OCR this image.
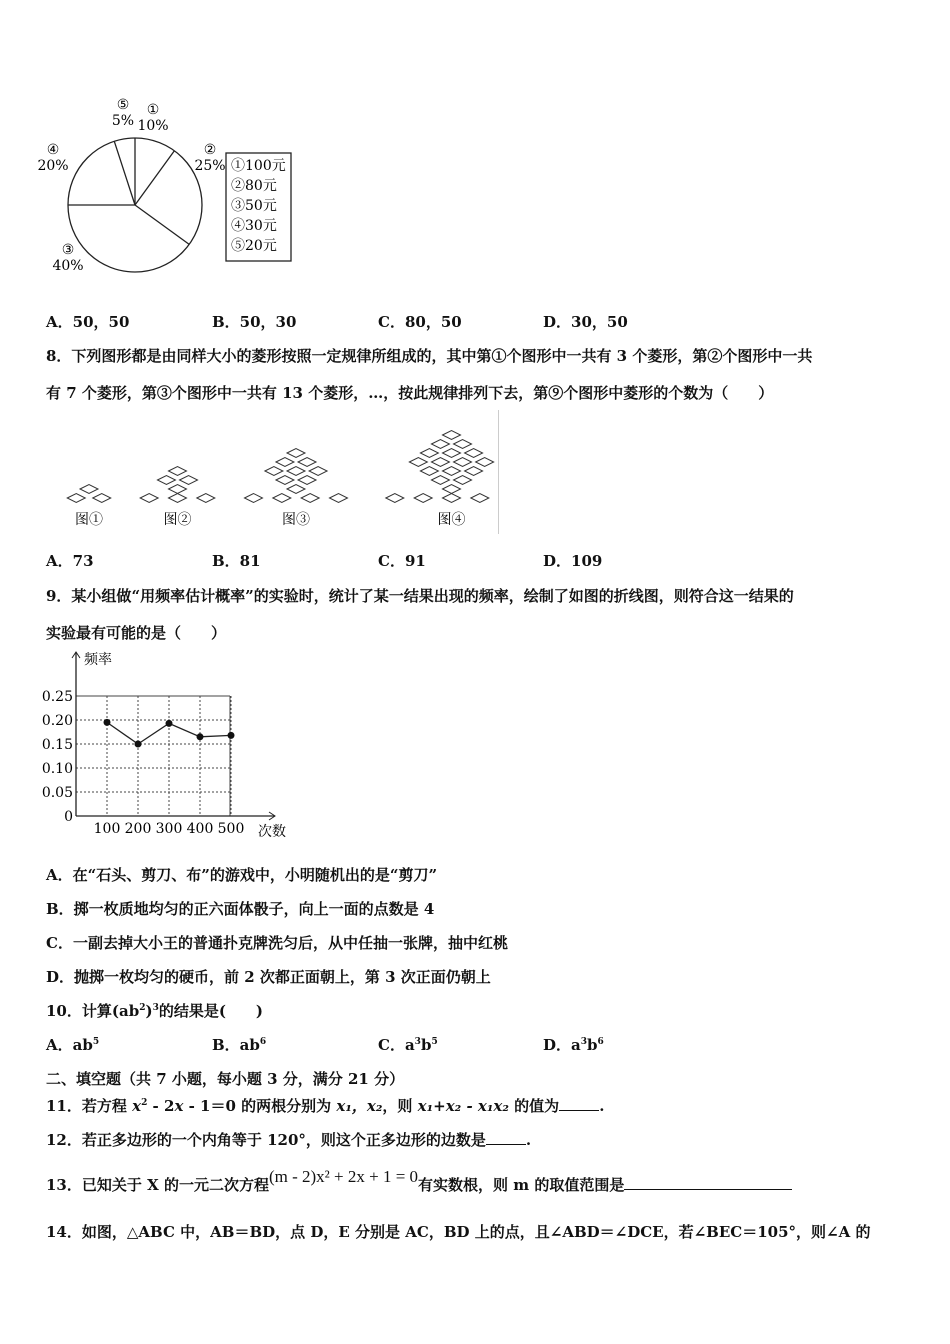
①
10%
②
25%
③
40%
④
20%
⑤
5%
①100元
②80元
③50元
④30元
⑤20元
A．50，50	B．50，30	C．80，50	D．30，50
8．下列图形都是由同样大小的菱形按照一定规律所组成的，其中第①个图形中一共有 3 个菱形，第②个图形中一共
有 7 个菱形，第③个图形中一共有 13 个菱形，…，按此规律排列下去，第⑨个图形中菱形的个数为（　　）
图①	图②	图③	图④
A．73	B．81	C．91	D．109
9．某小组做“用频率估计概率”的实验时，统计了某一结果出现的频率，绘制了如图的折线图，则符合这一结果的
实验最有可能的是（　　）
0
0.05
0.10
0.15
0.20
0.25
100 200 300 400 500
频率
次数
A．在“石头、剪刀、布”的游戏中，小明随机出的是“剪刀”
B．掷一枚质地均匀的正六面体骰子，向上一面的点数是 4
C．一副去掉大小王的普通扑克牌洗匀后，从中任抽一张牌，抽中红桃
D．抛掷一枚均匀的硬币，前 2 次都正面朝上，第 3 次正面仍朝上
10．计算$(ab^2)^3$的结果是(　　)
A．$ab^5$	B．$ab^6$	C．$a^3b^5$	D．$a^3b^6$
二、填空题（共 7 小题，每小题 3 分，满分 21 分）
11．若方程 $x^2 - 2x - 1=0$ 的两根分别为 x₁，x₂，则 x₁+x₂ - x₁x₂ 的值为	.
12．若正多边形的一个内角等于 120°，则这个正多边形的边数是	.
13．已知关于 X 的一元二次方程(m - 2)x² + 2x + 1 = 0有实数根，则 m 的取值范围是
14．如图，△ABC 中，AB＝BD，点 D，E 分别是 AC，BD 上的点，且∠ABD＝∠DCE，若∠BEC＝105°，则∠A 的
